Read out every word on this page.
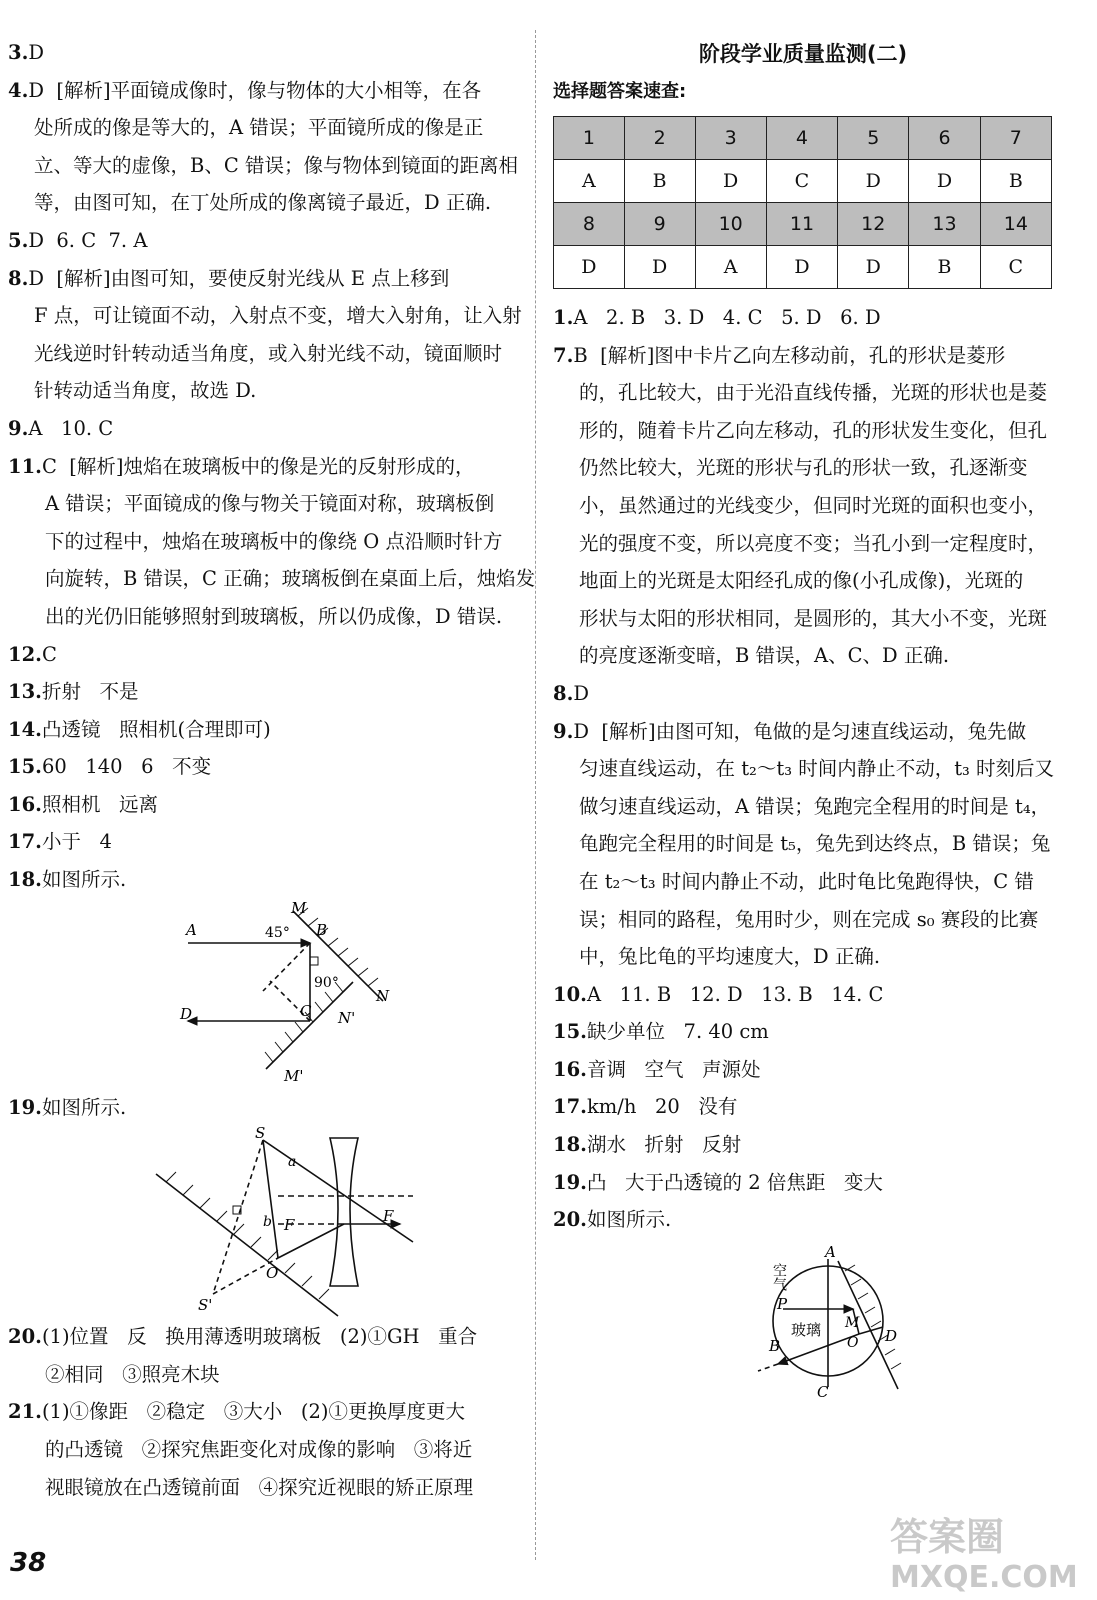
3.D
4.D  [解析]平面镜成像时，像与物体的大小相等，在各
处所成的像是等大的，A 错误；平面镜所成的像是正
立、等大的虚像，B、C 错误；像与物体到镜面的距离相
等，由图可知，在丁处所成的像离镜子最近，D 正确.
5.D  6. C  7. A
8.D  [解析]由图可知，要使反射光线从 E 点上移到
F 点，可让镜面不动，入射点不变，增大入射角，让入射
光线逆时针转动适当角度，或入射光线不动，镜面顺时
针转动适当角度，故选 D.
9.A   10. C
11.C  [解析]烛焰在玻璃板中的像是光的反射形成的，
A 错误；平面镜成的像与物关于镜面对称，玻璃板倒
下的过程中，烛焰在玻璃板中的像绕 O 点沿顺时针方
向旋转，B 错误，C 正确；玻璃板倒在桌面上后，烛焰发
出的光仍旧能够照射到玻璃板，所以仍成像，D 错误.
12.C
13.折射   不是
14.凸透镜   照相机(合理即可)
15.60   140   6   不变
16.照相机   远离
17.小于   4
18.如图所示.
A	45°
M
B
90°
N
C N'
D
M'
19.如图所示.
S
a
b F	F
O
S'
20.(1)位置   反   换用薄透明玻璃板   (2)①GH   重合
②相同   ③照亮木块
21.(1)①像距   ②稳定   ③大小   (2)①更换厚度更大
的凸透镜   ②探究焦距变化对成像的影响   ③将近
视眼镜放在凸透镜前面   ④探究近视眼的矫正原理
阶段学业质量监测(二)
选择题答案速查:
1	2	3	4	5	6	7
A	B	D	C	D	D	B
8	9	10	11	12	13	14
D	D	A	D	D	B	C
1.A   2. B   3. D   4. C   5. D   6. D
7.B  [解析]图中卡片乙向左移动前，孔的形状是菱形
的，孔比较大，由于光沿直线传播，光斑的形状也是菱
形的，随着卡片乙向左移动，孔的形状发生变化，但孔
仍然比较大，光斑的形状与孔的形状一致，孔逐渐变
小，虽然通过的光线变少，但同时光斑的面积也变小，
光的强度不变，所以亮度不变；当孔小到一定程度时，
地面上的光斑是太阳经孔成的像(小孔成像)，光斑的
形状与太阳的形状相同，是圆形的，其大小不变，光斑
的亮度逐渐变暗，B 错误，A、C、D 正确.
8.D
9.D  [解析]由图可知，龟做的是匀速直线运动，兔先做
匀速直线运动，在 t₂～t₃ 时间内静止不动，t₃ 时刻后又
做匀速直线运动，A 错误；兔跑完全程用的时间是 t₄，
龟跑完全程用的时间是 t₅，兔先到达终点，B 错误；兔
在 t₂～t₃ 时间内静止不动，此时龟比兔跑得快，C 错
误；相同的路程，兔用时少，则在完成 s₀ 赛段的比赛
中，兔比龟的平均速度大，D 正确.
10.A   11. B   12. D   13. B   14. C
15.缺少单位   7. 40 cm
16.音调   空气   声源处
17.km/h   20   没有
18.湖水   折射   反射
19.凸   大于凸透镜的 2 倍焦距   变大
20.如图所示.
空气
A
P
玻璃 M
O
B
D
C
38
答案圈
MXQE.COM
